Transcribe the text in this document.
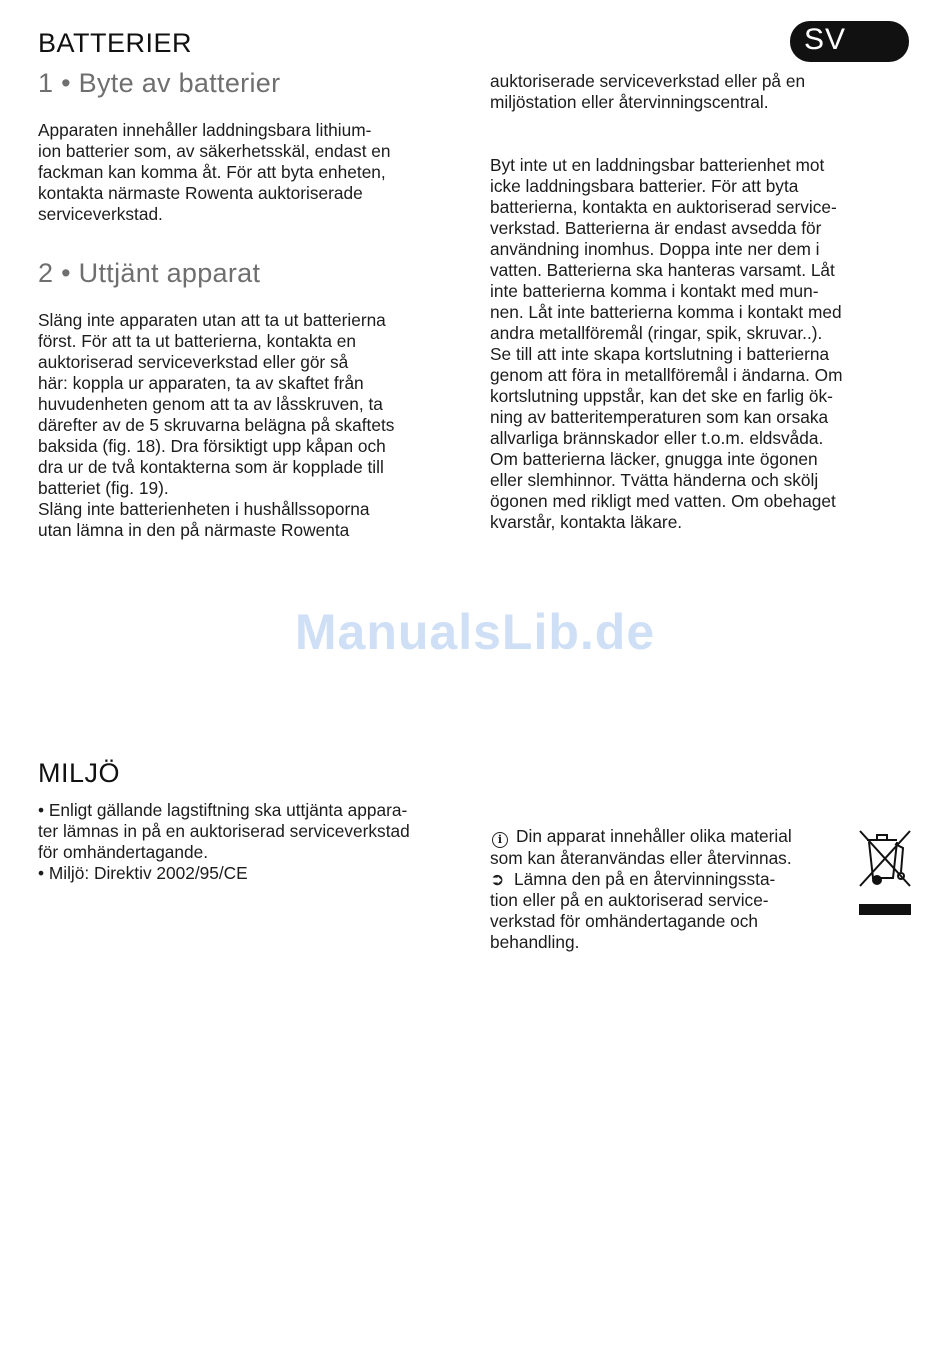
SV
BATTERIER
1 • Byte av batterier

Apparaten innehåller laddningsbara lithium-
ion batterier som, av säkerhetsskäl, endast en
fackman kan komma åt. För att byta enheten,
kontakta närmaste Rowenta auktoriserade
serviceverkstad.

2 • Uttjänt apparat

Släng inte apparaten utan att ta ut batterierna
först. För att ta ut batterierna, kontakta en
auktoriserad serviceverkstad eller gör så
här: koppla ur apparaten, ta av skaftet från
huvudenheten genom att ta av låsskruven, ta
därefter av de 5 skruvarna belägna på skaftets
baksida (fig. 18). Dra försiktigt upp kåpan och
dra ur de två kontakterna som är kopplade till
batteriet (fig. 19).
Släng inte batterienheten i hushållssoporna
utan lämna in den på närmaste Rowenta

auktoriserade serviceverkstad eller på en
miljöstation eller återvinningscentral.

Byt inte ut en laddningsbar batterienhet mot
icke laddningsbara batterier. För att byta
batterierna, kontakta en auktoriserad service-
verkstad. Batterierna är endast avsedda för
användning inomhus. Doppa inte ner dem i
vatten. Batterierna ska hanteras varsamt. Låt
inte batterierna komma i kontakt med mun-
nen. Låt inte batterierna komma i kontakt med
andra metallföremål (ringar, spik, skruvar..).
Se till att inte skapa kortslutning i batterierna
genom att föra in metallföremål i ändarna. Om
kortslutning uppstår, kan det ske en farlig ök-
ning av batteritemperaturen som kan orsaka
allvarliga brännskador eller t.o.m. eldsvåda.
Om batterierna läcker, gnugga inte ögonen
eller slemhinnor. Tvätta händerna och skölj
ögonen med rikligt med vatten. Om obehaget
kvarstår, kontakta läkare.

ManualsLib.de
MILJÖ

• Enligt gällande lagstiftning ska uttjänta appara-
ter lämnas in på en auktoriserad serviceverkstad
för omhändertagande.
• Miljö: Direktiv 2002/95/CE

i Din apparat innehåller olika material
som kan återanvändas eller återvinnas.
➲ Lämna den på en återvinningssta-
tion eller på en auktoriserad service-
verkstad för omhändertagande och
behandling.
